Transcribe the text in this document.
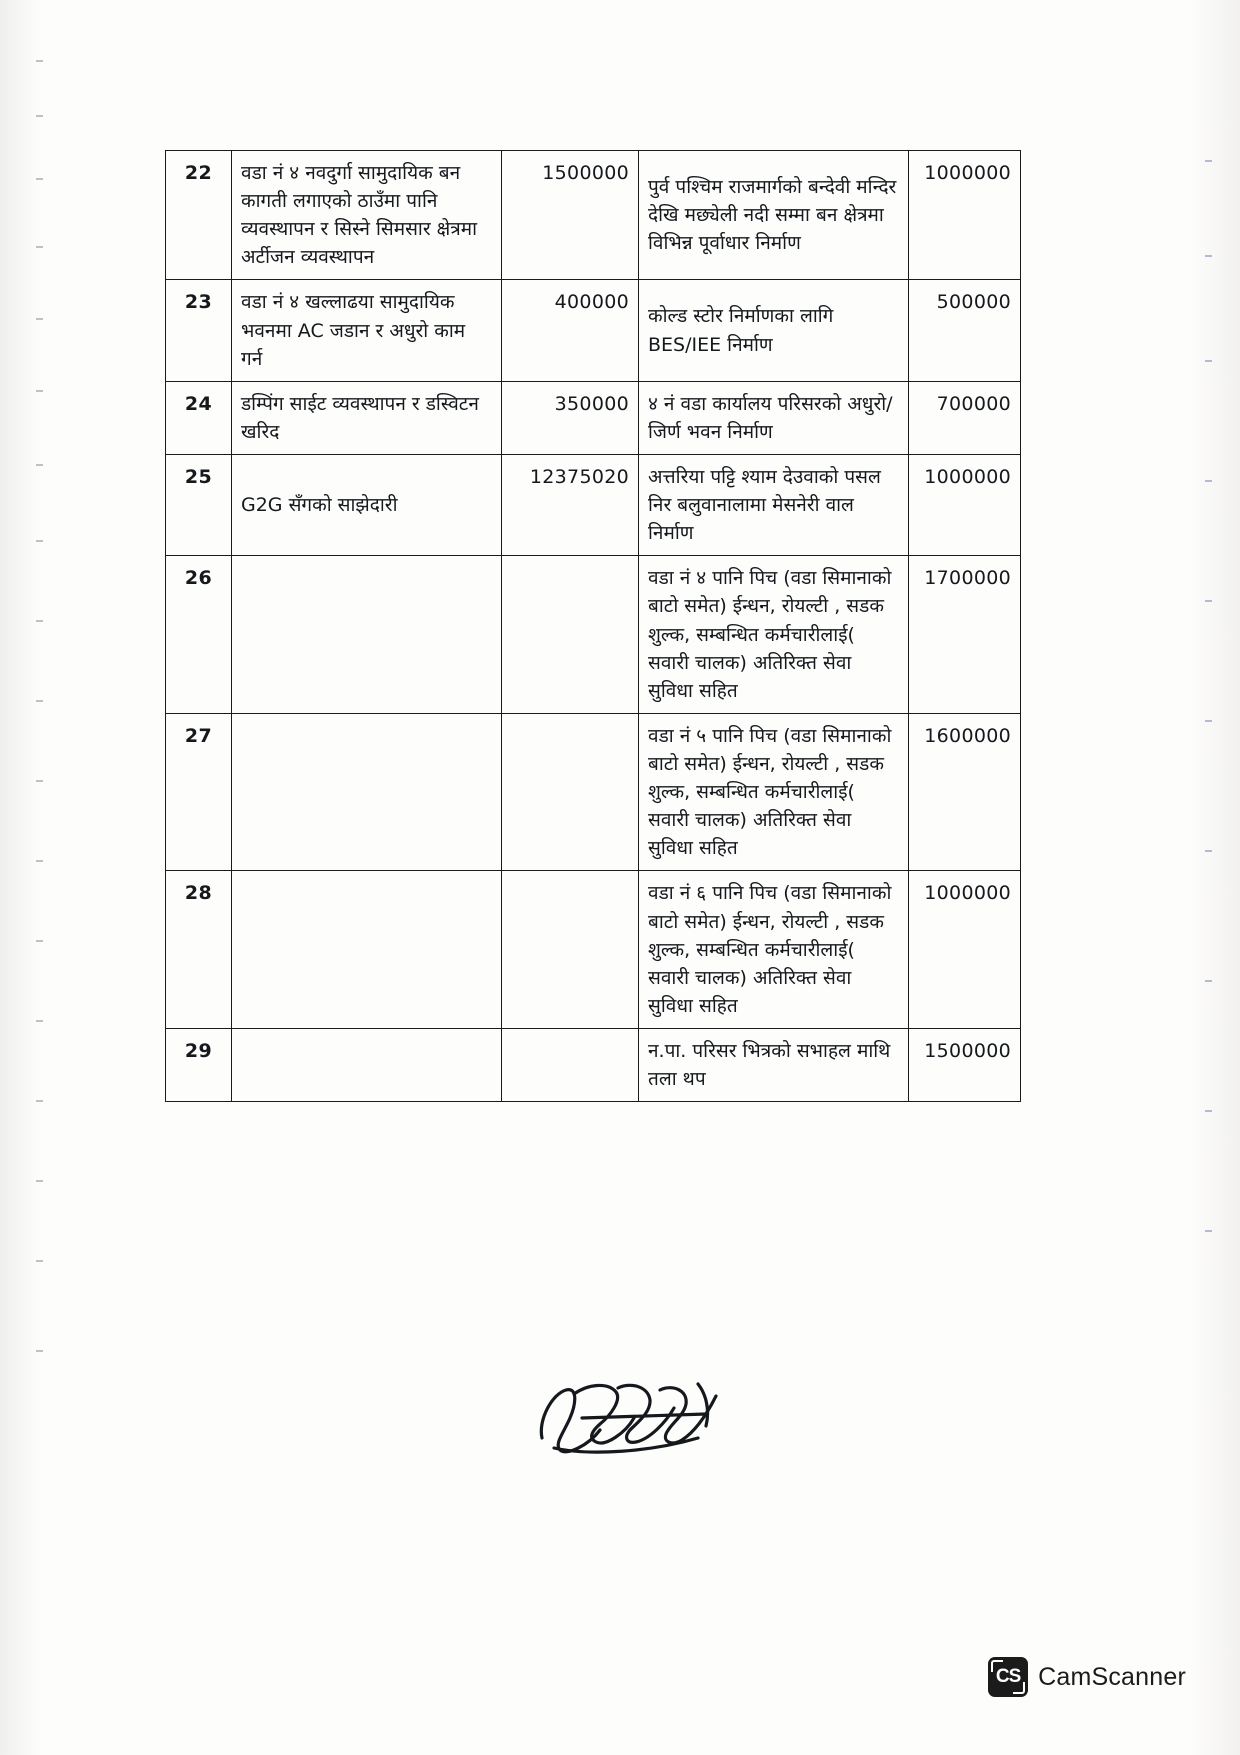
22	वडा नं ४ नवदुर्गा सामुदायिक बन कागती लगाएको ठाउँमा पानि व्यवस्थापन र सिस्ने सिमसार क्षेत्रमा अर्टीजन व्यवस्थापन	1500000	पुर्व पश्चिम राजमार्गको बन्देवी मन्दिर देखि मछ्येली नदी सम्मा बन क्षेत्रमा विभिन्न पूर्वाधार निर्माण	1000000
23	वडा नं ४ खल्लाढया सामुदायिक भवनमा AC जडान र अधुरो काम गर्न	400000	कोल्ड स्टोर निर्माणका लागि BES/IEE निर्माण	500000
24	डम्पिंग साईट व्यवस्थापन र डस्विटन खरिद	350000	४ नं वडा कार्यालय परिसरको अधुरो/जिर्ण भवन निर्माण	700000
25	G2G सँगको साझेदारी	12375020	अत्तरिया पट्टि श्याम देउवाको पसल निर बलुवानालामा मेसनेरी वाल निर्माण	1000000
26			वडा नं ४ पानि पिच (वडा सिमानाको बाटो समेत) ईन्धन, रोयल्टी , सडक शुल्क, सम्बन्धित कर्मचारीलाई( सवारी चालक) अतिरिक्त सेवा सुविधा सहित	1700000
27			वडा नं ५ पानि पिच (वडा सिमानाको बाटो समेत) ईन्धन, रोयल्टी , सडक शुल्क, सम्बन्धित कर्मचारीलाई( सवारी चालक) अतिरिक्त सेवा सुविधा सहित	1600000
28			वडा नं ६ पानि पिच (वडा सिमानाको बाटो समेत) ईन्धन, रोयल्टी , सडक शुल्क, सम्बन्धित कर्मचारीलाई( सवारी चालक) अतिरिक्त सेवा सुविधा सहित	1000000
29			न.पा. परिसर भित्रको सभाहल माथि तला थप	1500000
CS CamScanner
